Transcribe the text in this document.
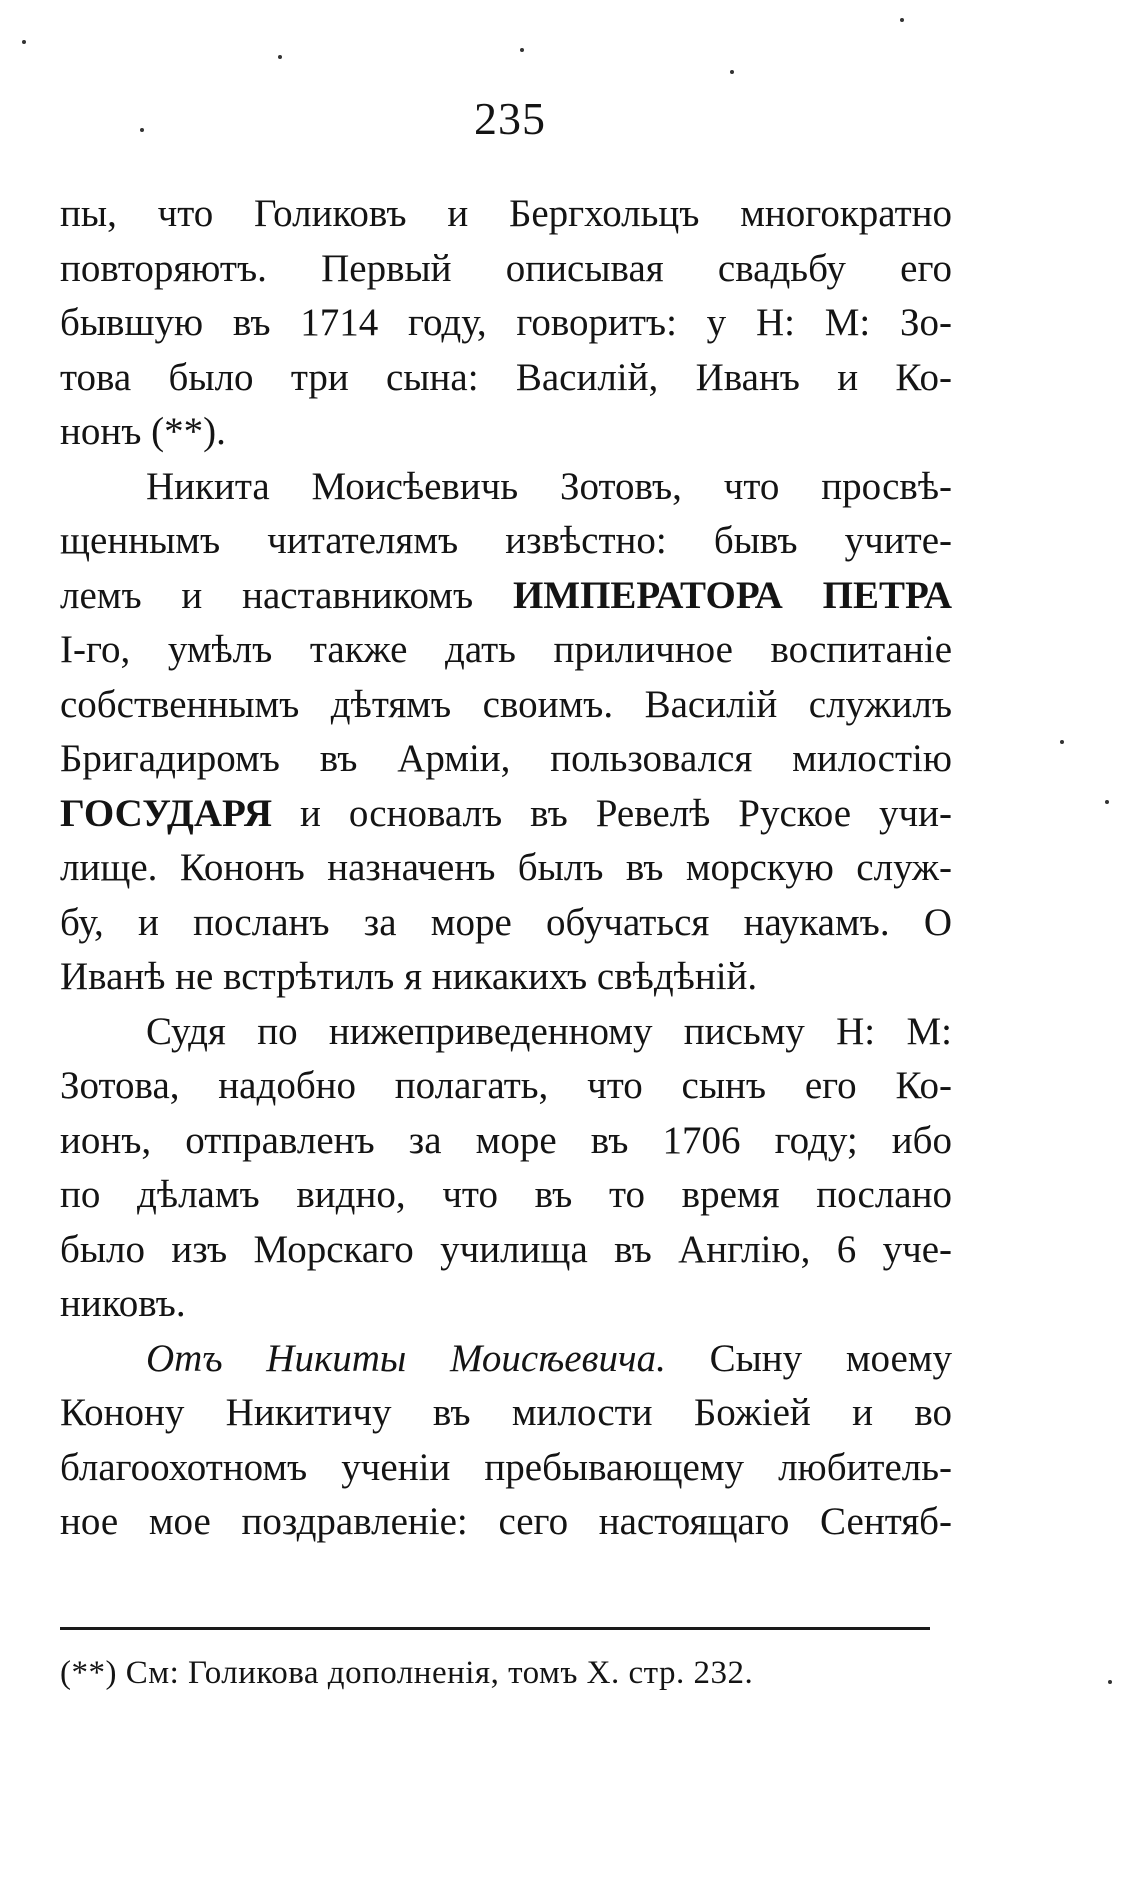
235
пы, что Голиковъ и Бергхольцъ многократно
повторяютъ. Первый описывая свадьбу его
бывшую въ 1714 году, говоритъ: у Н: М: Зо-
това было три сына: Василій, Иванъ и Ко-
нонъ (**).
Никита Моисѣевичь Зотовъ, что просвѣ-
щеннымъ читателямъ извѣстно: бывъ учите-
лемъ и наставникомъ ИМПЕРАТОРА ПЕТРА
I-го, умѣлъ также дать приличное воспитаніе
собственнымъ дѣтямъ своимъ. Василій служилъ
Бригадиромъ въ Арміи, пользовался милостію
ГОСУДАРЯ и основалъ въ Ревелѣ Руское учи-
лище. Кононъ назначенъ былъ въ морскую служ-
бу, и посланъ за море обучаться наукамъ. О
Иванѣ не встрѣтилъ я никакихъ свѣдѣній.
Судя по нижеприведенному письму Н: М:
Зотова, надобно полагать, что сынъ его Ко-
ионъ, отправленъ за море въ 1706 году; ибо
по дѣламъ видно, что въ то время послано
было изъ Морскаго училища въ Англію, 6 уче-
никовъ.
Отъ Никиты Моисѣевича. Сыну моему
Конону Никитичу въ милости Божіей и во
благоохотномъ ученіи пребывающему любитель-
ное мое поздравленіе: сего настоящаго Сентяб-
(**) См: Голикова дополненія, томъ X. стр. 232.
